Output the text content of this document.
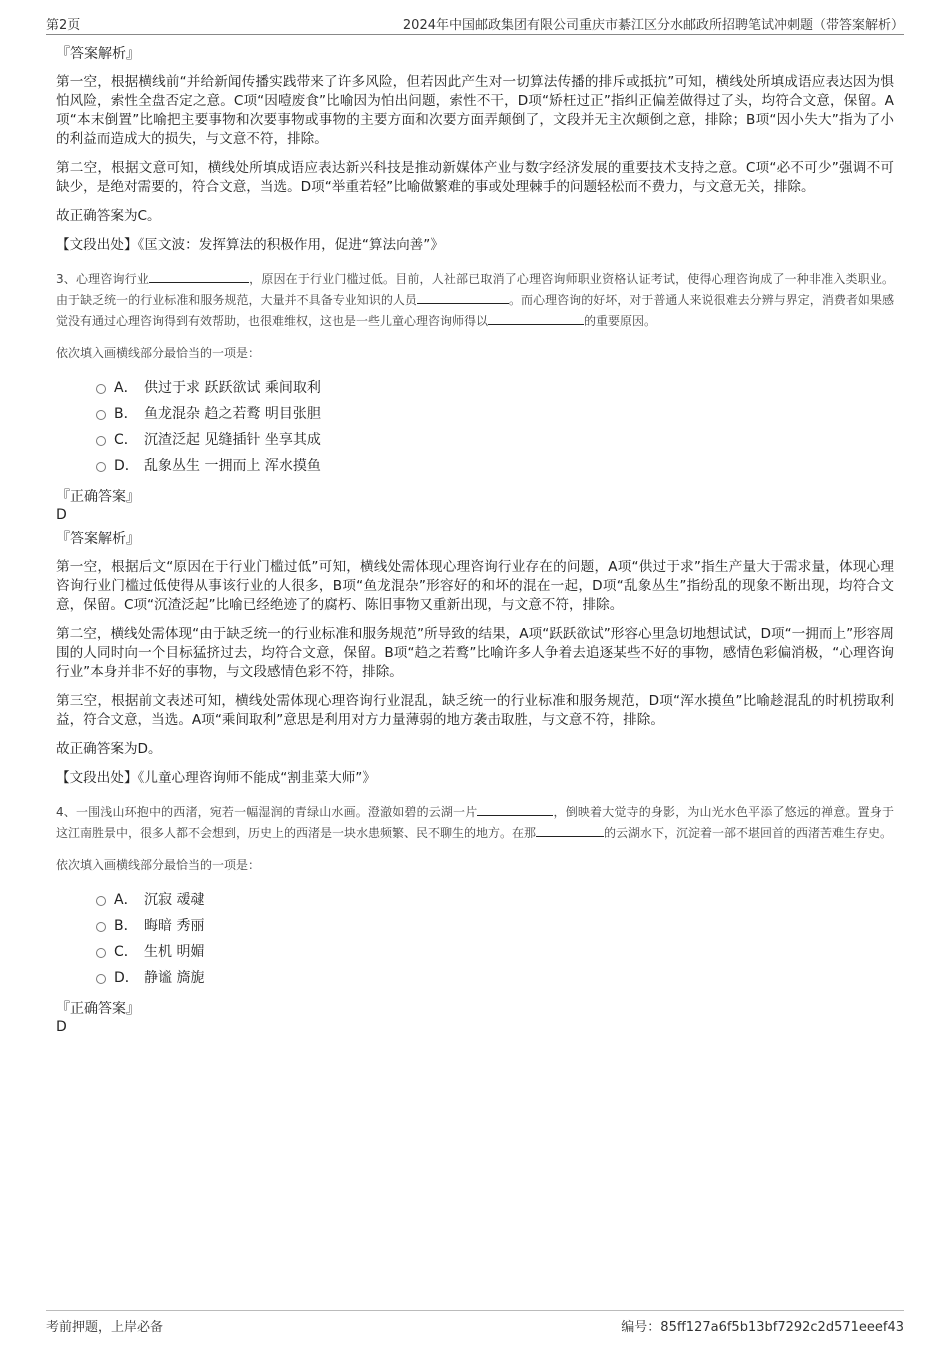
第2页	2024年中国邮政集团有限公司重庆市綦江区分水邮政所招聘笔试冲刺题（带答案解析）

『答案解析』

第一空，根据横线前“并给新闻传播实践带来了许多风险，但若因此产生对一切算法传播的排斥或抵抗”可知，横线处所填成语应表达因为惧怕风险，索性全盘否定之意。C项“因噎废食”比喻因为怕出问题，索性不干，D项“矫枉过正”指纠正偏差做得过了头，均符合文意，保留。A项“本末倒置”比喻把主要事物和次要事物或事物的主要方面和次要方面弄颠倒了，文段并无主次颠倒之意，排除；B项“因小失大”指为了小的利益而造成大的损失，与文意不符，排除。

第二空，根据文意可知，横线处所填成语应表达新兴科技是推动新媒体产业与数字经济发展的重要技术支持之意。C项“必不可少”强调不可缺少，是绝对需要的，符合文意，当选。D项“举重若轻”比喻做繁难的事或处理棘手的问题轻松而不费力，与文意无关，排除。

故正确答案为C。

【文段出处】《匡文波：发挥算法的积极作用，促进“算法向善”》

3、心理咨询行业	，原因在于行业门槛过低。目前，人社部已取消了心理咨询师职业资格认证考试，使得心理咨询成了一种非准入类职业。由于缺乏统一的行业标准和服务规范，大量并不具备专业知识的人员	。而心理咨询的好坏，对于普通人来说很难去分辨与界定，消费者如果感觉没有通过心理咨询得到有效帮助，也很难维权，这也是一些儿童心理咨询师得以	的重要原因。

依次填入画横线部分最恰当的一项是：

A． 供过于求 跃跃欲试 乘间取利
B． 鱼龙混杂 趋之若鹜 明目张胆
C． 沉渣泛起 见缝插针 坐享其成
D． 乱象丛生 一拥而上 浑水摸鱼

『正确答案』

D

『答案解析』

第一空，根据后文“原因在于行业门槛过低”可知，横线处需体现心理咨询行业存在的问题，A项“供过于求”指生产量大于需求量，体现心理咨询行业门槛过低使得从事该行业的人很多，B项“鱼龙混杂”形容好的和坏的混在一起，D项“乱象丛生”指纷乱的现象不断出现，均符合文意，保留。C项“沉渣泛起”比喻已经绝迹了的腐朽、陈旧事物又重新出现，与文意不符，排除。

第二空，横线处需体现“由于缺乏统一的行业标准和服务规范”所导致的结果，A项“跃跃欲试”形容心里急切地想试试，D项“一拥而上”形容周围的人同时向一个目标猛挤过去，均符合文意，保留。B项“趋之若鹜”比喻许多人争着去追逐某些不好的事物，感情色彩偏消极，“心理咨询行业”本身并非不好的事物，与文段感情色彩不符，排除。

第三空，根据前文表述可知，横线处需体现心理咨询行业混乱，缺乏统一的行业标准和服务规范，D项“浑水摸鱼”比喻趁混乱的时机捞取利益，符合文意，当选。A项“乘间取利”意思是利用对方力量薄弱的地方袭击取胜，与文意不符，排除。

故正确答案为D。

【文段出处】《儿童心理咨询师不能成“割韭菜大师”》

4、一围浅山环抱中的西渚，宛若一幅湿润的青绿山水画。澄澈如碧的云湖一片	，倒映着大觉寺的身影，为山光水色平添了悠远的禅意。置身于这江南胜景中，很多人都不会想到，历史上的西渚是一块水患频繁、民不聊生的地方。在那	的云湖水下，沉淀着一部不堪回首的西渚苦难生存史。

依次填入画横线部分最恰当的一项是：

A． 沉寂 叆叇
B． 晦暗 秀丽
C． 生机 明媚
D． 静谧 旖旎

『正确答案』

D

考前押题，上岸必备	编号：85ff127a6f5b13bf7292c2d571eeef43
